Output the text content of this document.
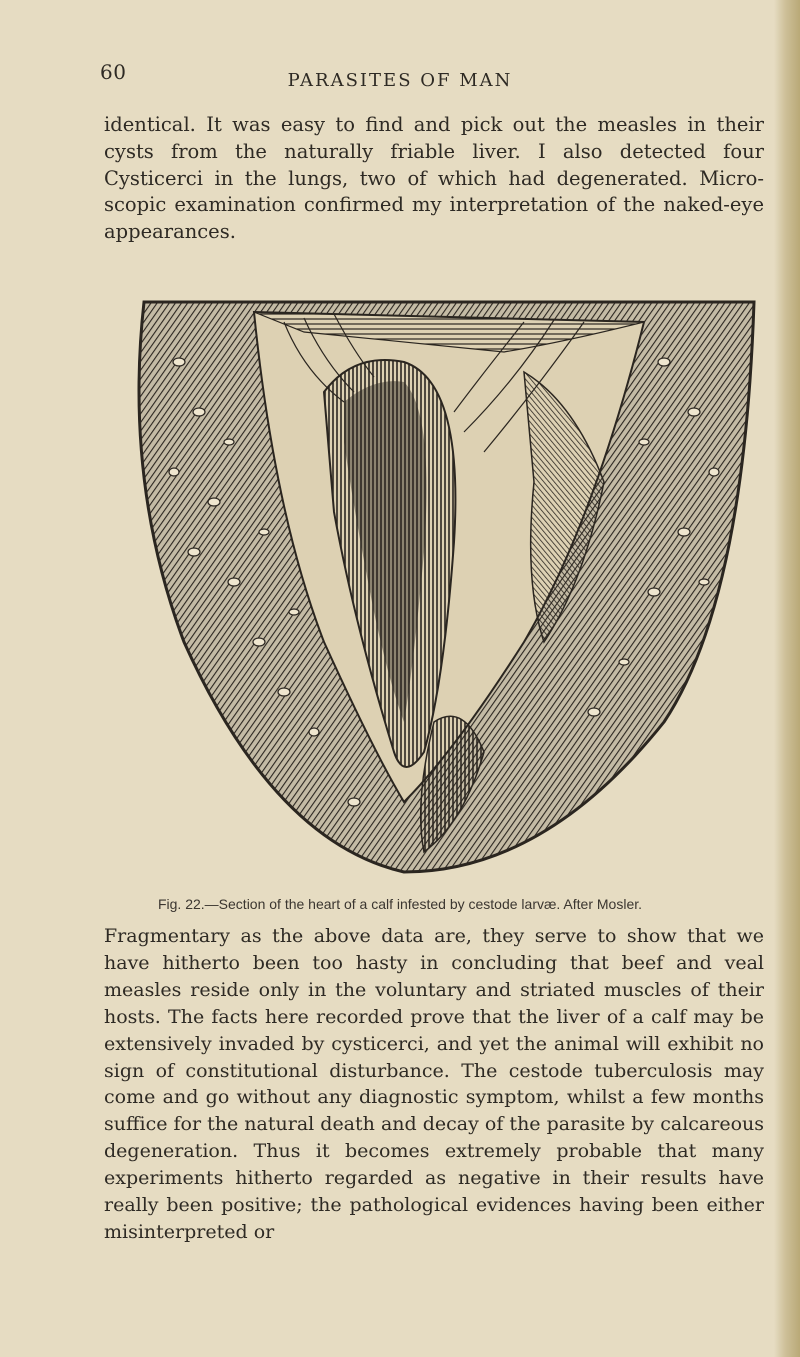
60	PARASITES OF MAN

identical. It was easy to find and pick out the measles in their cysts from the naturally friable liver. I also detected four Cysticerci in the lungs, two of which had degenerated. Micro- scopic examination confirmed my interpretation of the naked-eye appearances.

Fig. 22.—Section of the heart of a calf infested by cestode larvæ. After Mosler.

Fragmentary as the above data are, they serve to show that we have hitherto been too hasty in concluding that beef and veal measles reside only in the voluntary and striated muscles of their hosts. The facts here recorded prove that the liver of a calf may be extensively invaded by cysticerci, and yet the animal will exhibit no sign of constitutional disturbance. The cestode tuberculosis may come and go without any diagnostic symptom, whilst a few months suffice for the natural death and decay of the parasite by calcareous degeneration. Thus it becomes extremely probable that many experiments hitherto regarded as negative in their results have really been positive; the pathological evidences having been either misinterpreted or
